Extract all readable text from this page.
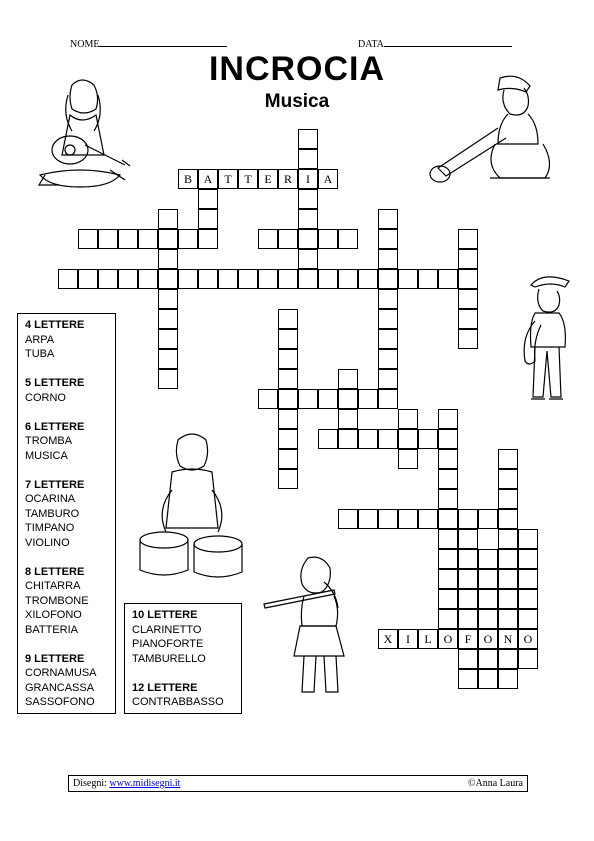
NOME	DATA
INCROCIA
Musica
B A	T	T	E	R	I	A
O	N
F	O	O
X	I	L
4 LETTERE
ARPA
TUBA
5 LETTERE
CORNO
6 LETTERE
TROMBA
MUSICA
7 LETTERE
OCARINA
TAMBURO
TIMPANO
VIOLINO
8 LETTERE
CHITARRA
TROMBONE
XILOFONO
BATTERIA
9 LETTERE
CORNAMUSA
GRANCASSA
SASSOFONO
10 LETTERE
CLARINETTO
PIANOFORTE
TAMBURELLO
12 LETTERE
CONTRABBASSO
Disegni: www.midisegni.it	©Anna Laura
